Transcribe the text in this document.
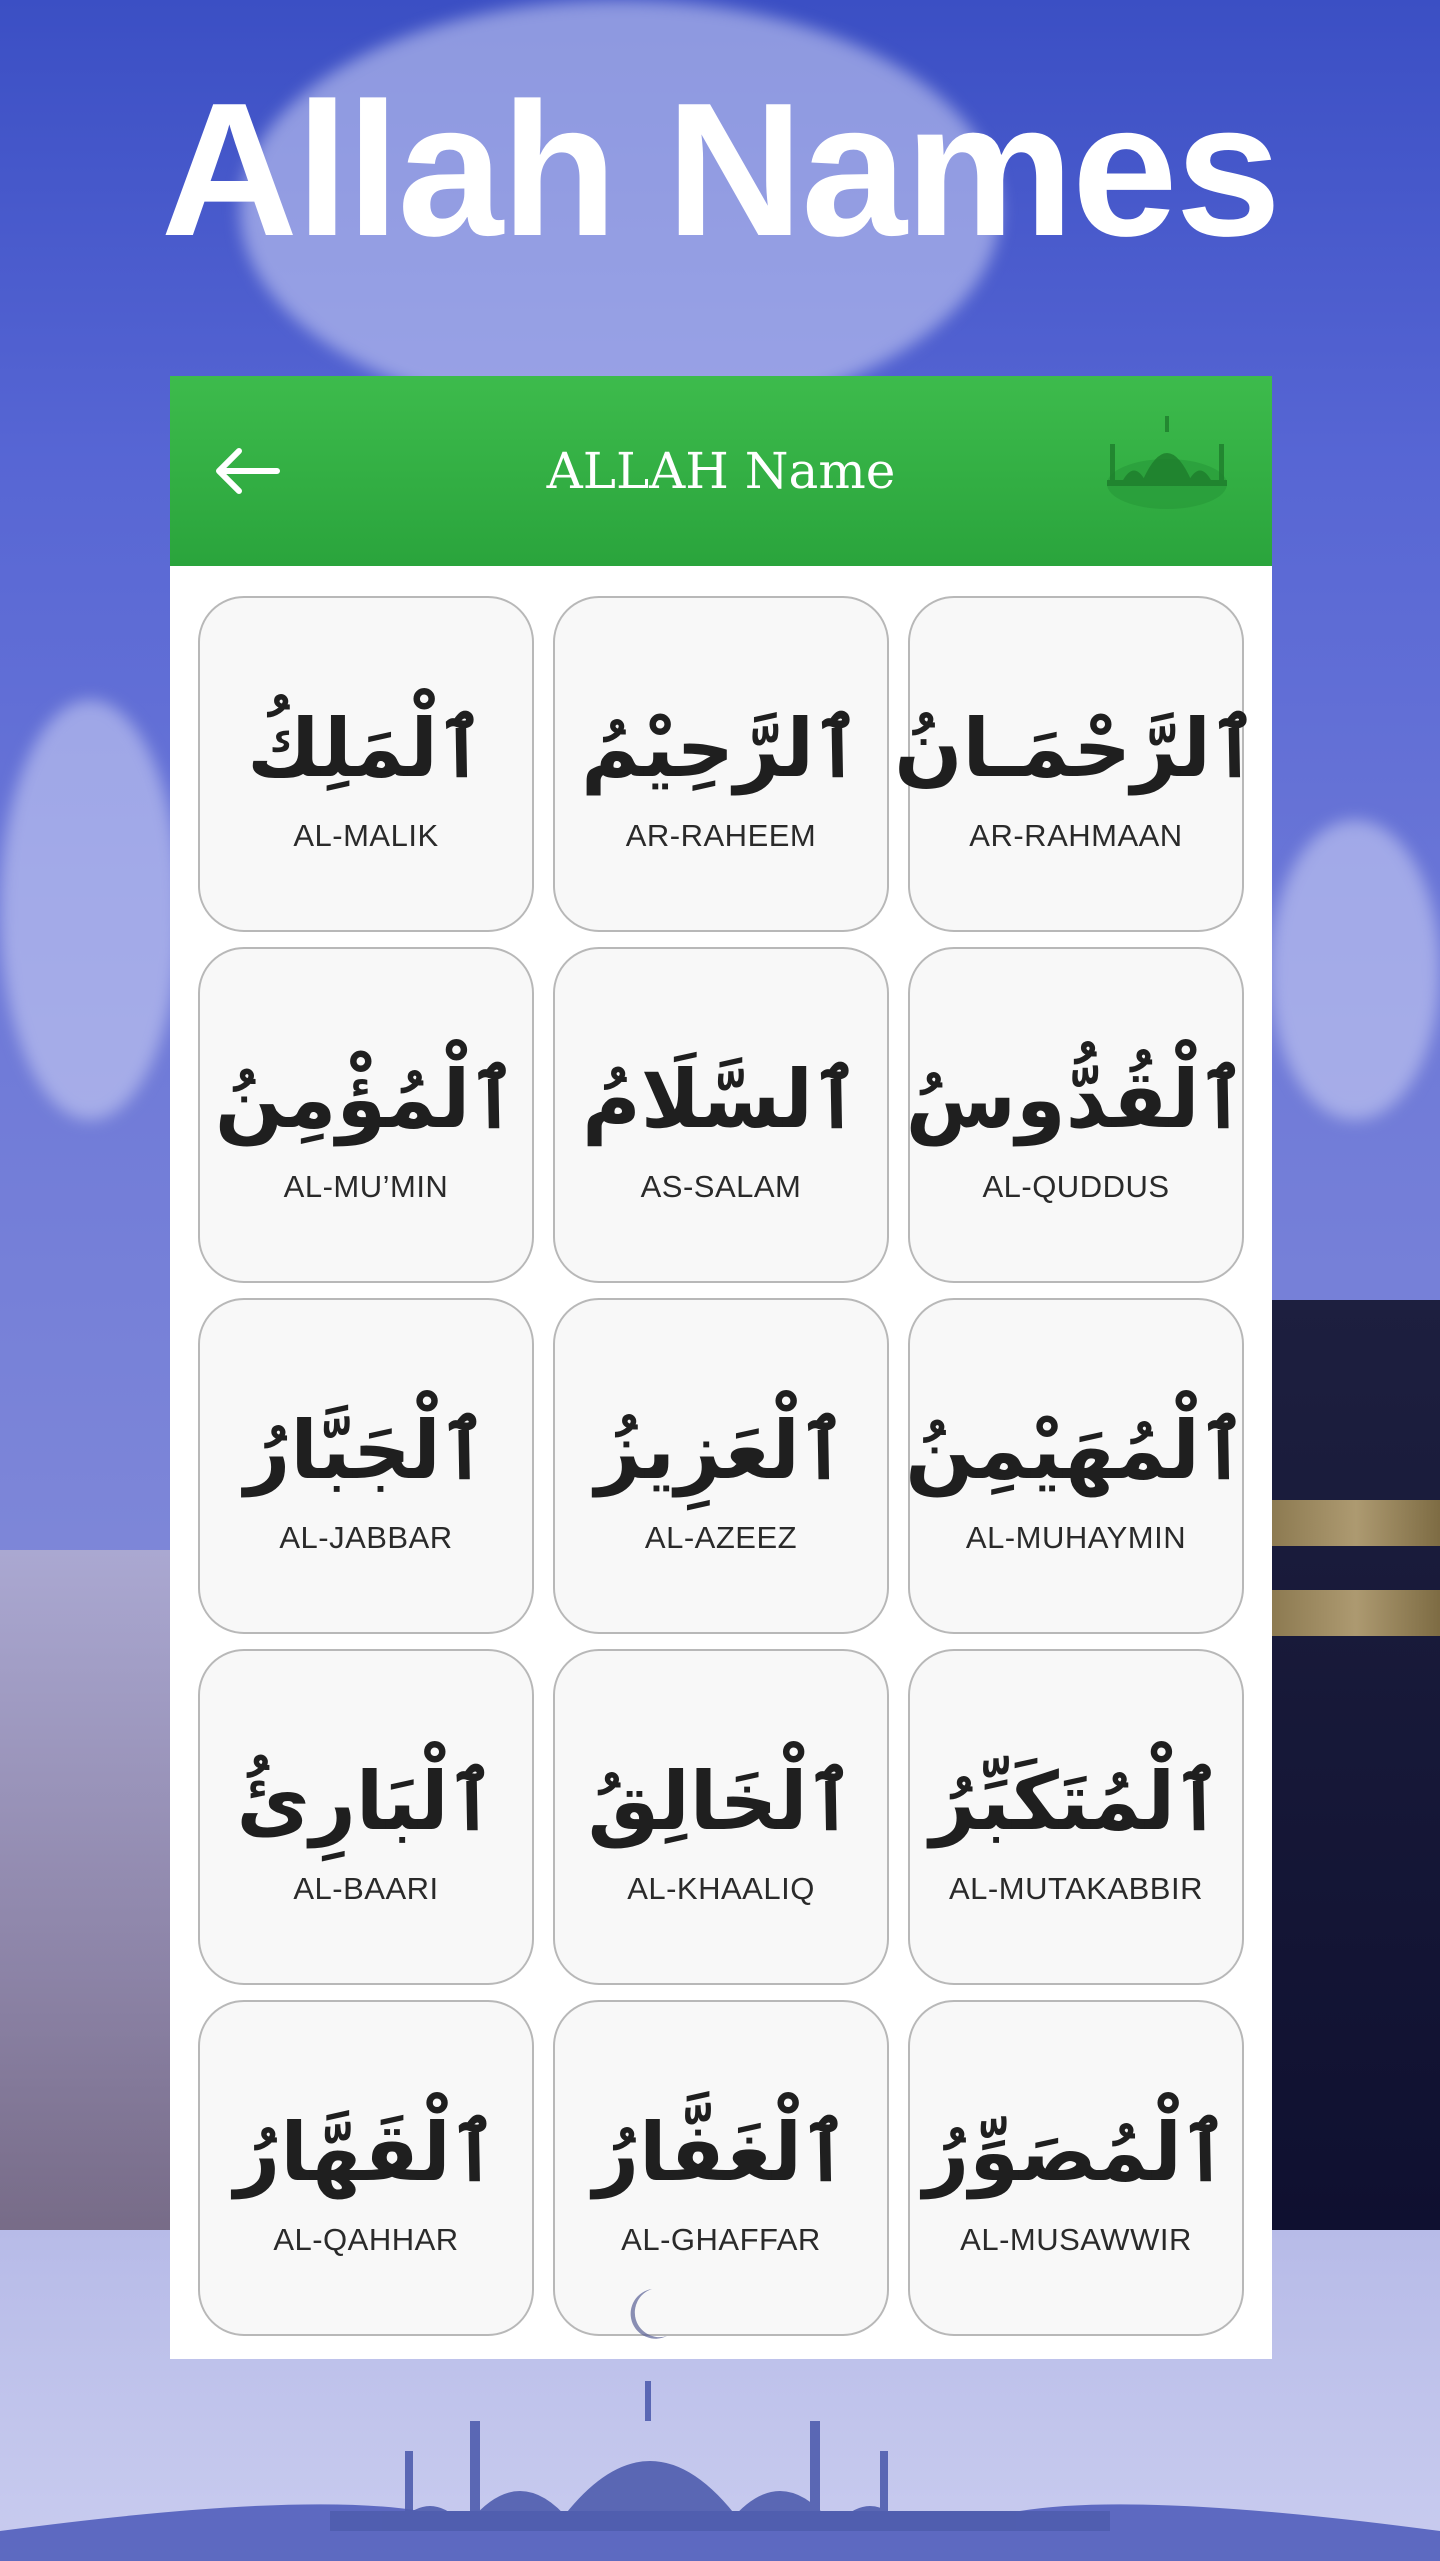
Allah Names
ALLAH Name
ٱلْمَلِكُ
AL-MALIK
ٱلرَّحِيْمُ
AR-RAHEEM
ٱلرَّحْمَـانُ
AR-RAHMAAN
ٱلْمُؤْمِنُ
AL-MU’MIN
ٱلسَّلَامُ
AS-SALAM
ٱلْقُدُّوسُ
AL-QUDDUS
ٱلْجَبَّارُ
AL-JABBAR
ٱلْعَزِيزُ
AL-AZEEZ
ٱلْمُهَيْمِنُ
AL-MUHAYMIN
ٱلْبَارِئُ
AL-BAARI
ٱلْخَالِقُ
AL-KHAALIQ
ٱلْمُتَكَبِّرُ
AL-MUTAKABBIR
ٱلْقَهَّارُ
AL-QAHHAR
ٱلْغَفَّارُ
AL-GHAFFAR
ٱلْمُصَوِّرُ
AL-MUSAWWIR
